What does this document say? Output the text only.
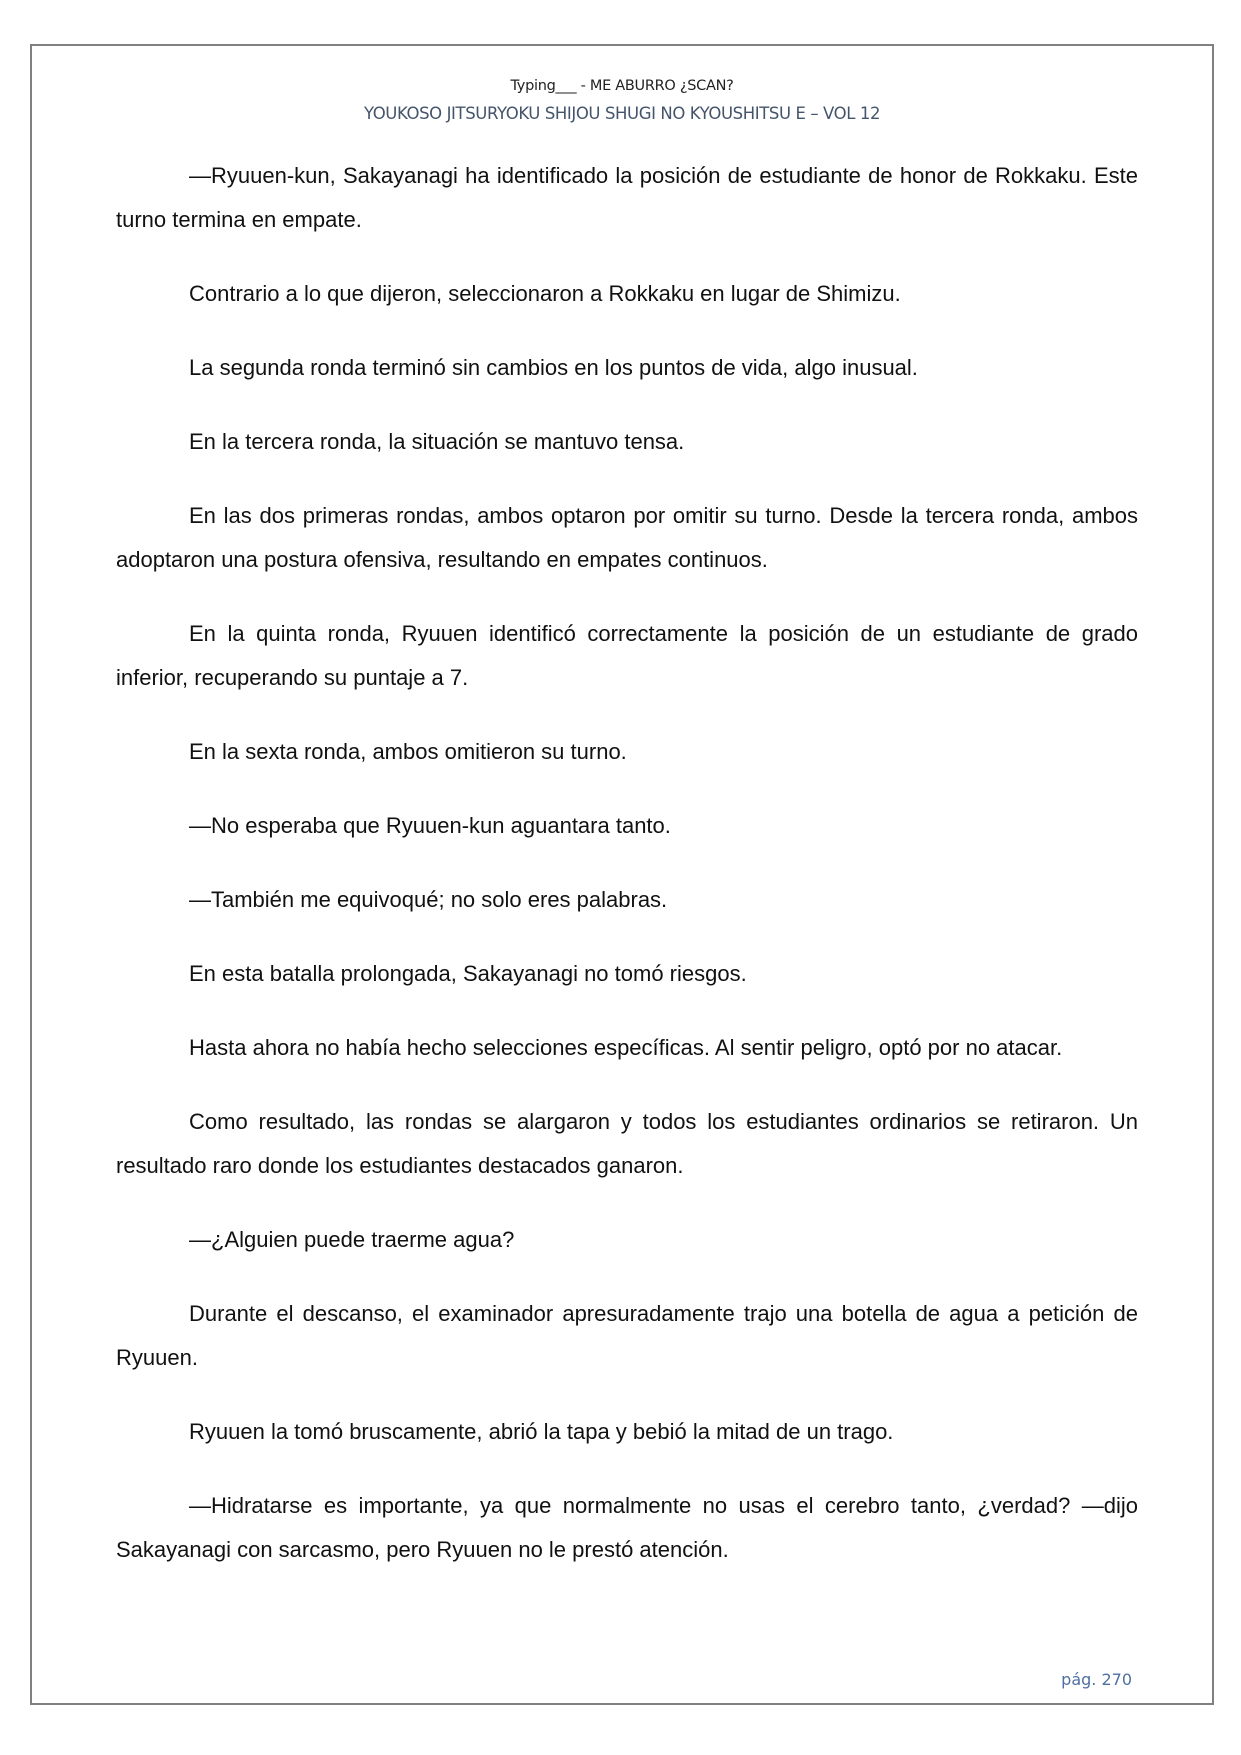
Typing___ - ME ABURRO ¿SCAN?
YOUKOSO JITSURYOKU SHIJOU SHUGI NO KYOUSHITSU E – VOL 12

—Ryuuen-kun, Sakayanagi ha identificado la posición de estudiante de honor de Rokkaku. Este turno termina en empate.

Contrario a lo que dijeron, seleccionaron a Rokkaku en lugar de Shimizu.

La segunda ronda terminó sin cambios en los puntos de vida, algo inusual.

En la tercera ronda, la situación se mantuvo tensa.

En las dos primeras rondas, ambos optaron por omitir su turno. Desde la tercera ronda, ambos adoptaron una postura ofensiva, resultando en empates continuos.

En la quinta ronda, Ryuuen identificó correctamente la posición de un estudiante de grado inferior, recuperando su puntaje a 7.

En la sexta ronda, ambos omitieron su turno.

—No esperaba que Ryuuen-kun aguantara tanto.

—También me equivoqué; no solo eres palabras.

En esta batalla prolongada, Sakayanagi no tomó riesgos.

Hasta ahora no había hecho selecciones específicas. Al sentir peligro, optó por no atacar.

Como resultado, las rondas se alargaron y todos los estudiantes ordinarios se retiraron. Un resultado raro donde los estudiantes destacados ganaron.

—¿Alguien puede traerme agua?

Durante el descanso, el examinador apresuradamente trajo una botella de agua a petición de Ryuuen.

Ryuuen la tomó bruscamente, abrió la tapa y bebió la mitad de un trago.

—Hidratarse es importante, ya que normalmente no usas el cerebro tanto, ¿verdad? —dijo Sakayanagi con sarcasmo, pero Ryuuen no le prestó atención.

pág. 270
